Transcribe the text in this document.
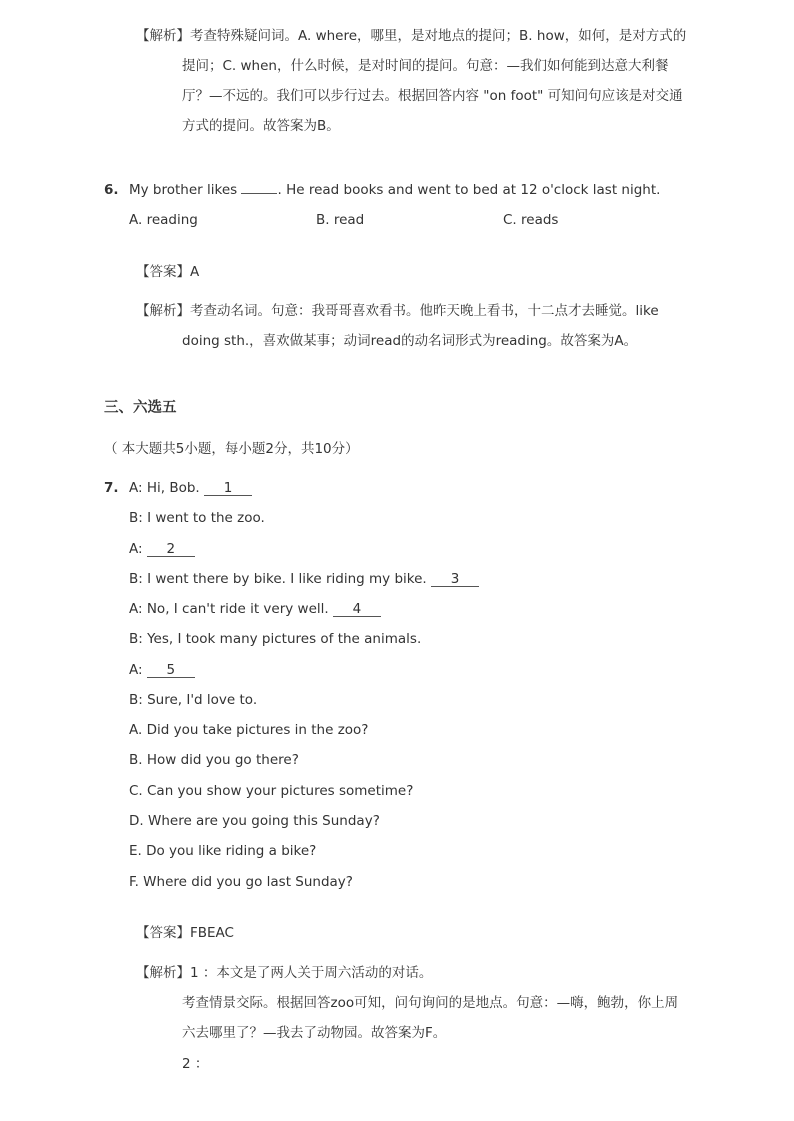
【解析】 考查特殊疑问词。A. where，哪里，是对地点的提问；B. how，如何，是对方式的
提问；C. when，什么时候，是对时间的提问。句意：—我们如何能到达意大利餐
厅？—不远的。我们可以步行过去。根据回答内容 "on foot" 可知问句应该是对交通
方式的提问。故答案为B。
6. My brother likes	. He read books and went to bed at 12 o'clock last night.
A. reading	B. read	C. reads
【答案】A
【解析】 考查动名词。句意：我哥哥喜欢看书。他昨天晚上看书，十二点才去睡觉。like
doing sth.，喜欢做某事；动词read的动名词形式为reading。故答案为A。
三、六选五
（ 本大题共5小题，每小题2分，共10分）
7. A: Hi, Bob. 1
B: I went to the zoo.
A: 2
B: I went there by bike. I like riding my bike. 3
A: No, I can't ride it very well. 4
B: Yes, I took many pictures of the animals.
A: 5
B: Sure, I'd love to.
A. Did you take pictures in the zoo?
B. How did you go there?
C. Can you show your pictures sometime?
D. Where are you going this Sunday?
E. Do you like riding a bike?
F. Where did you go last Sunday?
【答案】FBEAC
【解析】 1 ：本文是了两人关于周六活动的对话。
考查情景交际。根据回答zoo可知，问句询问的是地点。句意：—嗨，鲍勃，你上周
六去哪里了？—我去了动物园。故答案为F。
2 ：
